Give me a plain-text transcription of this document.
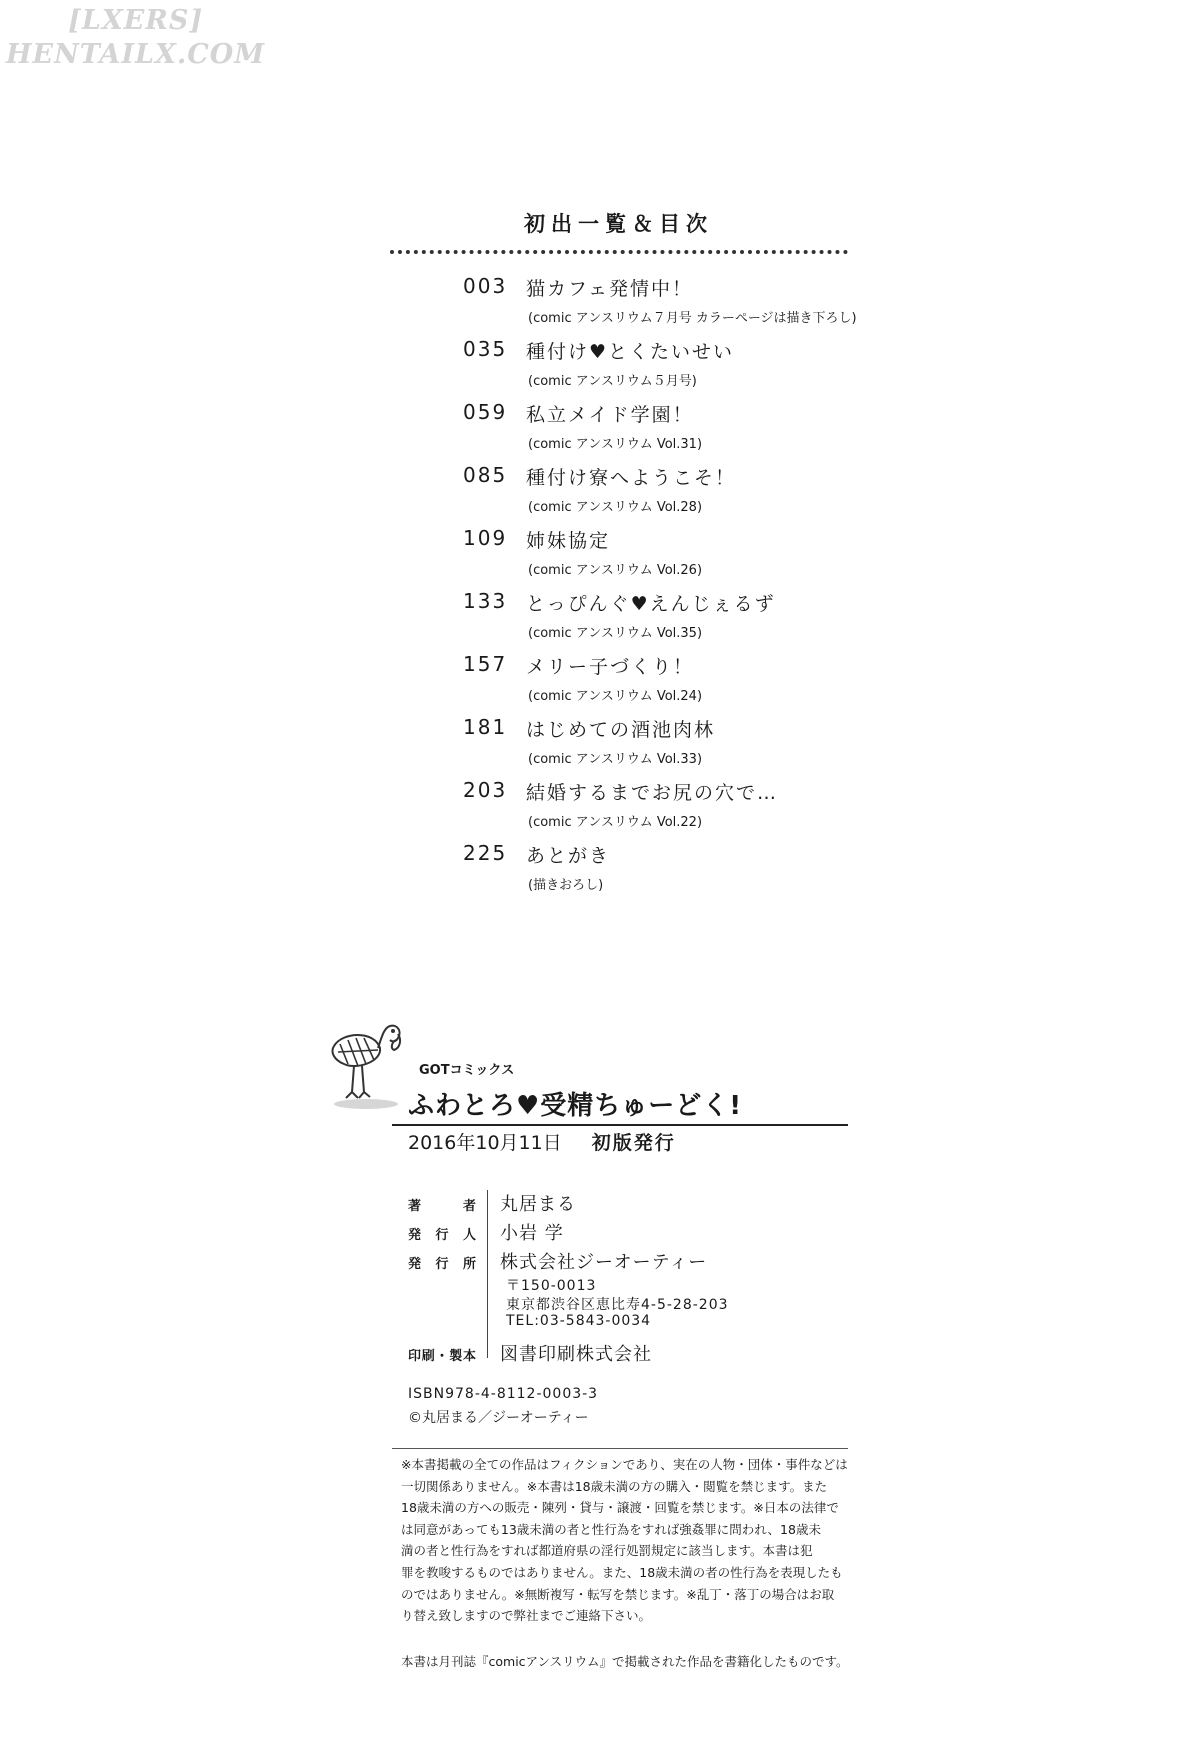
[LXERS]
HENTAILX.COM
初出一覧＆目次
003 猫カフェ発情中！
(comic アンスリウム７月号 カラーページは描き下ろし)
035 種付け♥とくたいせい
(comic アンスリウム５月号)
059 私立メイド学園！
(comic アンスリウム Vol.31)
085 種付け寮へようこそ！
(comic アンスリウム Vol.28)
109 姉妹協定
(comic アンスリウム Vol.26)
133 とっぴんぐ♥えんじぇるず
(comic アンスリウム Vol.35)
157 メリー子づくり！
(comic アンスリウム Vol.24)
181 はじめての酒池肉林
(comic アンスリウム Vol.33)
203 結婚するまでお尻の穴で…
(comic アンスリウム Vol.22)
225 あとがき
(描きおろし)
GOTコミックス
ふわとろ♥受精ちゅーどく!
2016年10月11日 初版発行
著者 丸居まる
発行人 小岩 学
発行所 株式会社ジーオーティー
〒150-0013
東京都渋谷区恵比寿4-5-28-203
TEL:03-5843-0034
印刷・製本 図書印刷株式会社
ISBN978-4-8112-0003-3
©丸居まる／ジーオーティー
※本書掲載の全ての作品はフィクションであり、実在の人物・団体・事件などは
一切関係ありません。※本書は18歳未満の方の購入・閲覧を禁じます。また
18歳未満の方への販売・陳列・貸与・譲渡・回覧を禁じます。※日本の法律で
は同意があっても13歳未満の者と性行為をすれば強姦罪に問われ、18歳未
満の者と性行為をすれば都道府県の淫行処罰規定に該当します。本書は犯
罪を教唆するものではありません。また、18歳未満の者の性行為を表現したも
のではありません。※無断複写・転写を禁じます。※乱丁・落丁の場合はお取
り替え致しますので弊社までご連絡下さい。
本書は月刊誌『comicアンスリウム』で掲載された作品を書籍化したものです。
